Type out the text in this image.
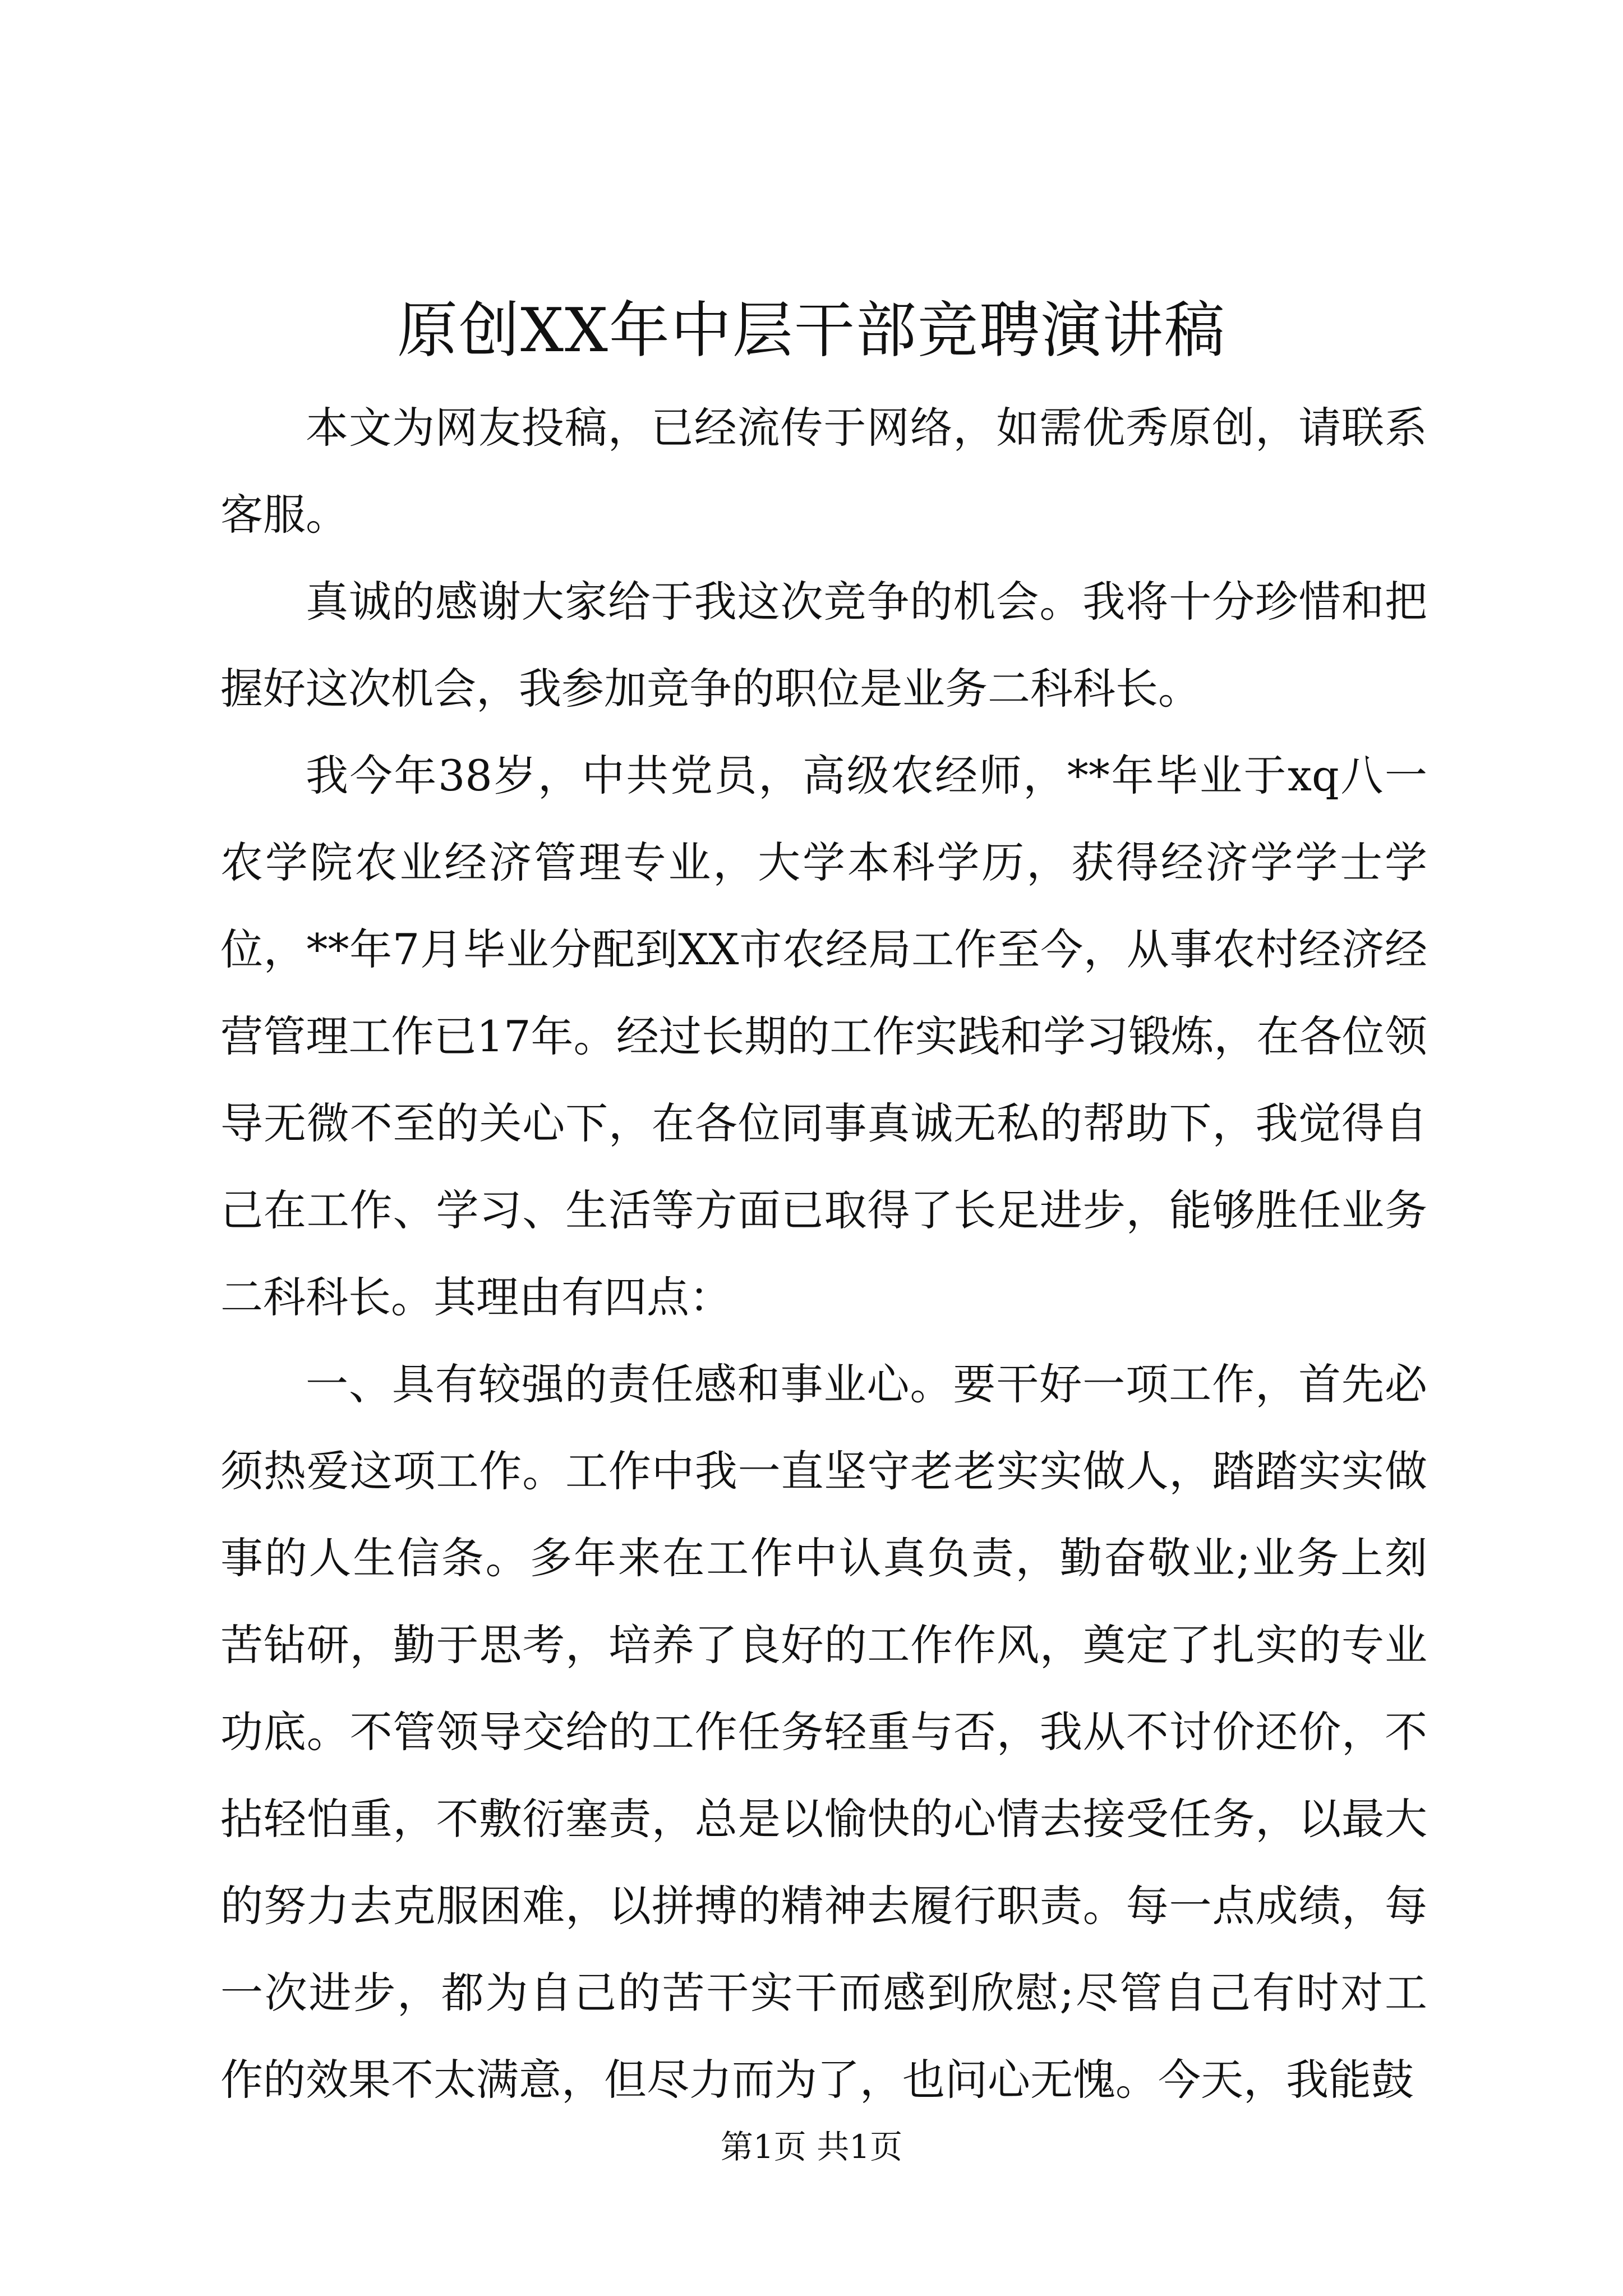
原创XX年中层干部竞聘演讲稿

本文为网友投稿，已经流传于网络，如需优秀原创，请联系客服。

真诚的感谢大家给于我这次竞争的机会。我将十分珍惜和把握好这次机会，我参加竞争的职位是业务二科科长。

我今年38岁，中共党员，高级农经师，**年毕业于xq八一农学院农业经济管理专业，大学本科学历，获得经济学学士学位，**年7月毕业分配到XX市农经局工作至今，从事农村经济经营管理工作已17年。经过长期的工作实践和学习锻炼，在各位领导无微不至的关心下，在各位同事真诚无私的帮助下，我觉得自己在工作、学习、生活等方面已取得了长足进步，能够胜任业务二科科长。其理由有四点：

一、具有较强的责任感和事业心。要干好一项工作，首先必须热爱这项工作。工作中我一直坚守老老实实做人，踏踏实实做事的人生信条。多年来在工作中认真负责，勤奋敬业;业务上刻苦钻研，勤于思考，培养了良好的工作作风，奠定了扎实的专业功底。不管领导交给的工作任务轻重与否，我从不讨价还价，不拈轻怕重，不敷衍塞责，总是以愉快的心情去接受任务，以最大的努力去克服困难，以拼搏的精神去履行职责。每一点成绩，每一次进步，都为自己的苦干实干而感到欣慰;尽管自己有时对工作的效果不太满意，但尽力而为了，也问心无愧。今天，我能鼓

第1页 共1页
